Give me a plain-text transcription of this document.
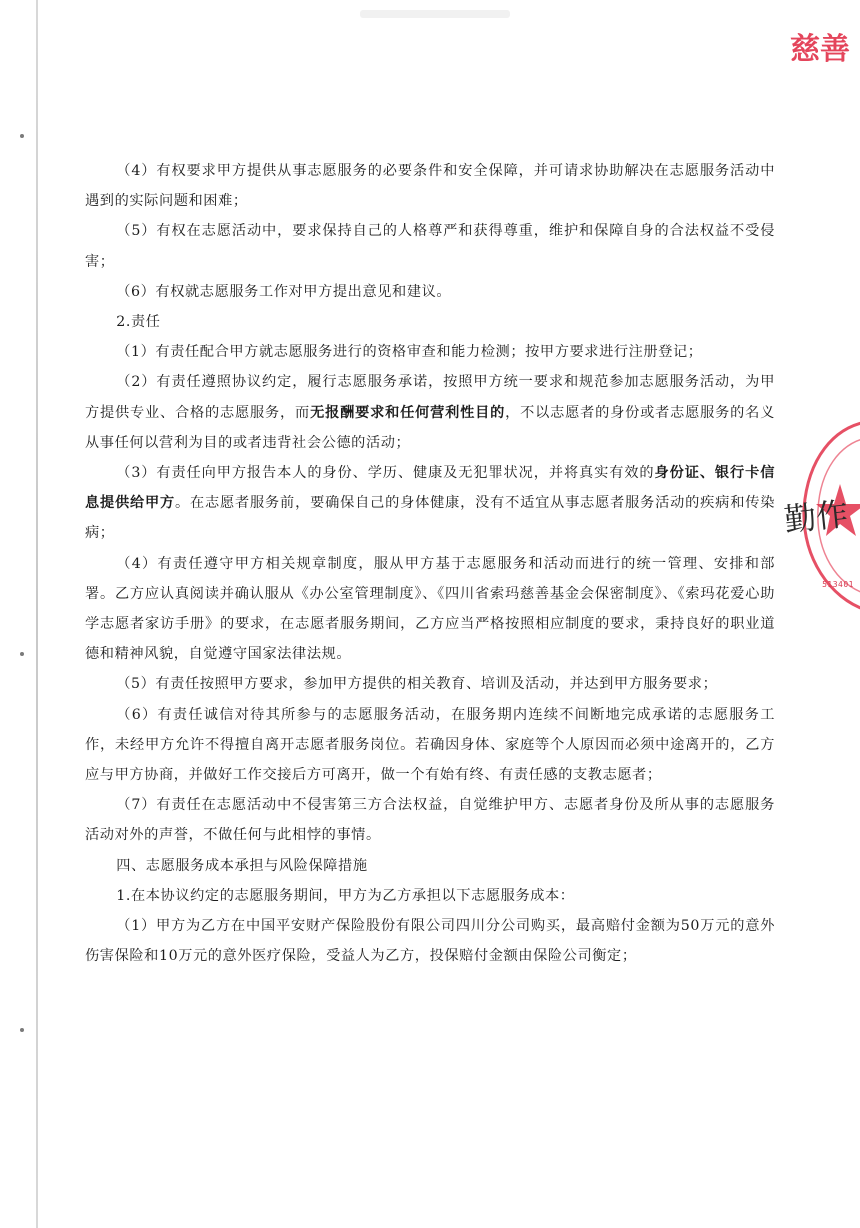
（4）有权要求甲方提供从事志愿服务的必要条件和安全保障，并可请求协助解决在志愿服务活动中遇到的实际问题和困难；

（5）有权在志愿活动中，要求保持自己的人格尊严和获得尊重，维护和保障自身的合法权益不受侵害；

（6）有权就志愿服务工作对甲方提出意见和建议。

2.责任

（1）有责任配合甲方就志愿服务进行的资格审查和能力检测；按甲方要求进行注册登记；

（2）有责任遵照协议约定，履行志愿服务承诺，按照甲方统一要求和规范参加志愿服务活动，为甲方提供专业、合格的志愿服务，而无报酬要求和任何营利性目的，不以志愿者的身份或者志愿服务的名义从事任何以营利为目的或者违背社会公德的活动；

（3）有责任向甲方报告本人的身份、学历、健康及无犯罪状况，并将真实有效的身份证、银行卡信息提供给甲方。在志愿者服务前，要确保自己的身体健康，没有不适宜从事志愿者服务活动的疾病和传染病；

（4）有责任遵守甲方相关规章制度，服从甲方基于志愿服务和活动而进行的统一管理、安排和部署。乙方应认真阅读并确认服从《办公室管理制度》、《四川省索玛慈善基金会保密制度》、《索玛花爱心助学志愿者家访手册》的要求，在志愿者服务期间，乙方应当严格按照相应制度的要求，秉持良好的职业道德和精神风貌，自觉遵守国家法律法规。

（5）有责任按照甲方要求，参加甲方提供的相关教育、培训及活动，并达到甲方服务要求；

（6）有责任诚信对待其所参与的志愿服务活动，在服务期内连续不间断地完成承诺的志愿服务工作，未经甲方允许不得擅自离开志愿者服务岗位。若确因身体、家庭等个人原因而必须中途离开的，乙方应与甲方协商，并做好工作交接后方可离开，做一个有始有终、有责任感的支教志愿者；

（7）有责任在志愿活动中不侵害第三方合法权益，自觉维护甲方、志愿者身份及所从事的志愿服务活动对外的声誉，不做任何与此相悖的事情。

四、志愿服务成本承担与风险保障措施

1.在本协议约定的志愿服务期间，甲方为乙方承担以下志愿服务成本：

（1）甲方为乙方在中国平安财产保险股份有限公司四川分公司购买，最高赔付金额为50万元的意外伤害保险和10万元的意外医疗保险，受益人为乙方，投保赔付金额由保险公司衡定；

慈善
勤作
513401
